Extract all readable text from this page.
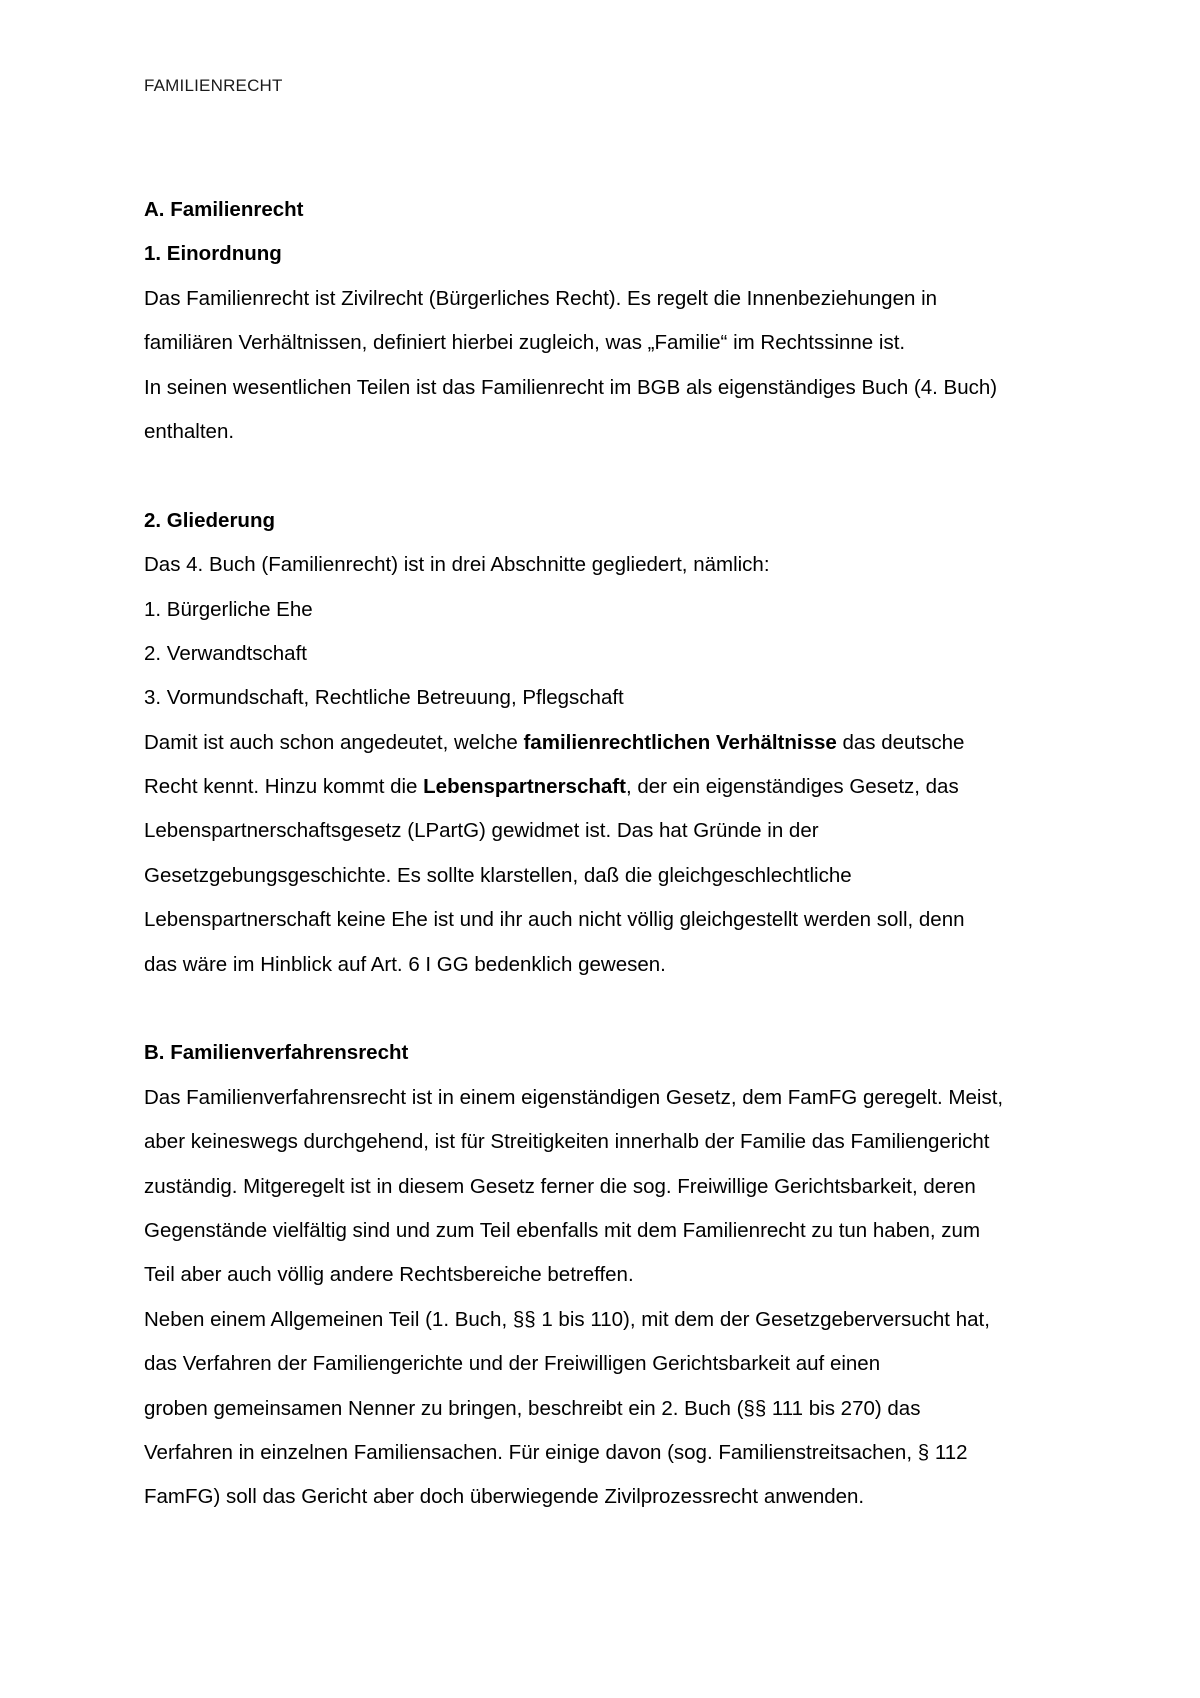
FAMILIENRECHT

A. Familienrecht

1. Einordnung

Das Familienrecht ist Zivilrecht (Bürgerliches Recht). Es regelt die Innenbeziehungen in

familiären Verhältnissen, definiert hierbei zugleich, was „Familie“ im Rechtssinne ist.

In seinen wesentlichen Teilen ist das Familienrecht im BGB als eigenständiges Buch (4. Buch)

enthalten.

2. Gliederung

Das 4. Buch (Familienrecht) ist in drei Abschnitte gegliedert, nämlich:

1. Bürgerliche Ehe

2. Verwandtschaft

3. Vormundschaft, Rechtliche Betreuung, Pflegschaft

Damit ist auch schon angedeutet, welche familienrechtlichen Verhältnisse das deutsche

Recht kennt. Hinzu kommt die Lebenspartnerschaft, der ein eigenständiges Gesetz, das

Lebenspartnerschaftsgesetz (LPartG) gewidmet ist. Das hat Gründe in der

Gesetzgebungsgeschichte. Es sollte klarstellen, daß die gleichgeschlechtliche

Lebenspartnerschaft keine Ehe ist und ihr auch nicht völlig gleichgestellt werden soll, denn

das wäre im Hinblick auf Art. 6 I GG bedenklich gewesen.

B. Familienverfahrensrecht

Das Familienverfahrensrecht ist in einem eigenständigen Gesetz, dem FamFG geregelt. Meist,

aber keineswegs durchgehend, ist für Streitigkeiten innerhalb der Familie das Familiengericht

zuständig. Mitgeregelt ist in diesem Gesetz ferner die sog. Freiwillige Gerichtsbarkeit, deren

Gegenstände vielfältig sind und zum Teil ebenfalls mit dem Familienrecht zu tun haben, zum

Teil aber auch völlig andere Rechtsbereiche betreffen.

Neben einem Allgemeinen Teil (1. Buch, §§ 1 bis 110), mit dem der Gesetzgeberversucht hat,

das Verfahren der Familiengerichte und der Freiwilligen Gerichtsbarkeit auf einen

groben gemeinsamen Nenner zu bringen, beschreibt ein 2. Buch (§§ 111 bis 270) das

Verfahren in einzelnen Familiensachen. Für einige davon (sog. Familienstreitsachen, § 112

FamFG) soll das Gericht aber doch überwiegende Zivilprozessrecht anwenden.
